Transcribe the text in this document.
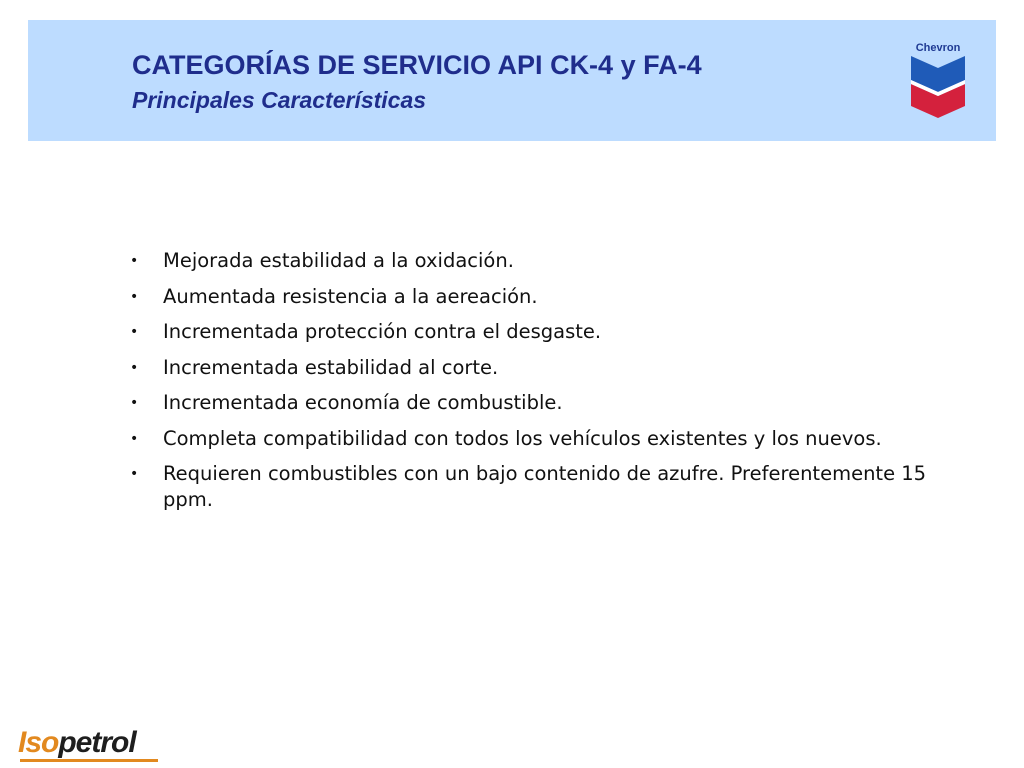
CATEGORÍAS DE SERVICIO API CK-4 y FA-4
Principales Características
Chevron
• Mejorada estabilidad a la oxidación.
• Aumentada resistencia a la aereación.
• Incrementada protección contra el desgaste.
• Incrementada estabilidad al corte.
• Incrementada economía de combustible.
• Completa compatibilidad con todos los vehículos existentes y los nuevos.
• Requieren combustibles con un bajo contenido de azufre. Preferentemente 15 ppm.
Isopetrol
